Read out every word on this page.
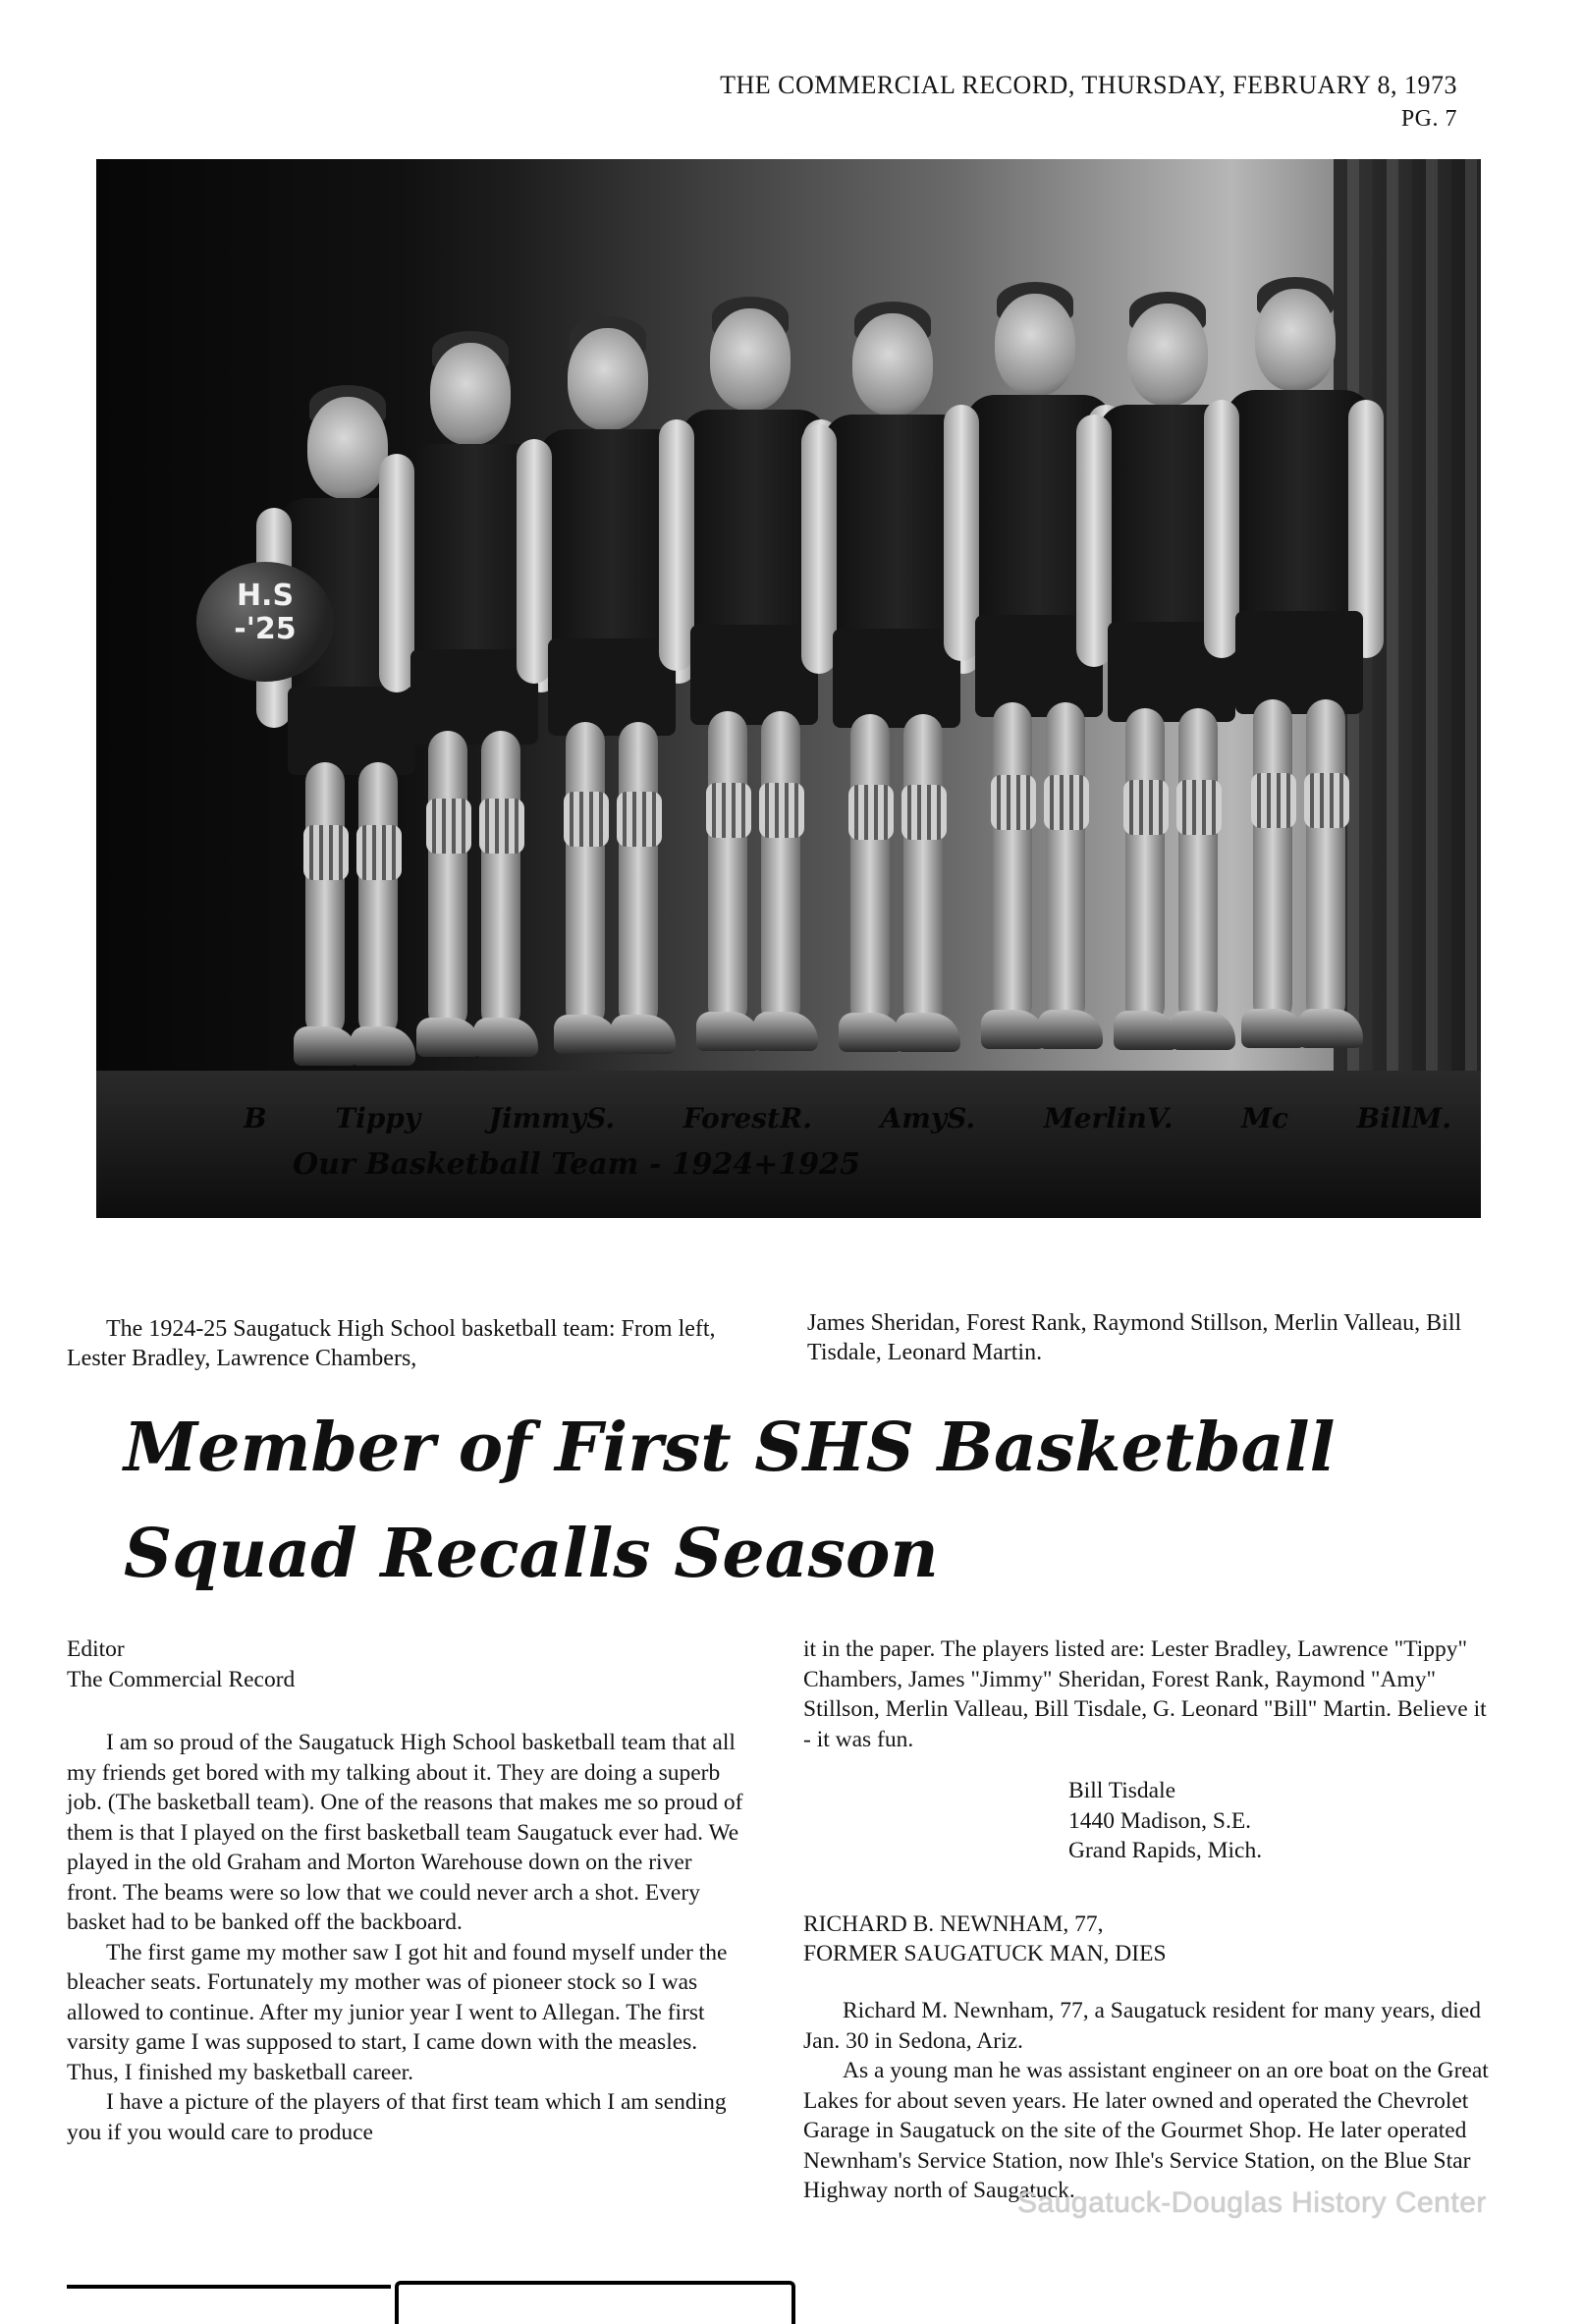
THE COMMERCIAL RECORD, THURSDAY, FEBRUARY 8, 1973
PG. 7
H.S
-'25
B Tippy JimmyS. ForestR. AmyS. MerlinV. Mc BillM.
Our Basketball Team - 1924+1925
The 1924-25 Saugatuck High School basketball team: From left, Lester Bradley, Lawrence Chambers,
James Sheridan, Forest Rank, Raymond Stillson, Merlin Valleau, Bill Tisdale, Leonard Martin.
Member of First SHS Basketball
Squad Recalls Season

Editor

The Commercial Record

I am so proud of the Saugatuck High School basketball team that all my friends get bored with my talking about it. They are doing a superb job. (The basketball team). One of the reasons that makes me so proud of them is that I played on the first basketball team Saugatuck ever had. We played in the old Graham and Morton Warehouse down on the river front. The beams were so low that we could never arch a shot. Every basket had to be banked off the backboard.

The first game my mother saw I got hit and found myself under the bleacher seats. Fortunately my mother was of pioneer stock so I was allowed to continue. After my junior year I went to Allegan. The first varsity game I was supposed to start, I came down with the measles. Thus, I finished my basketball career.

I have a picture of the players of that first team which I am sending you if you would care to produce

it in the paper. The players listed are: Lester Bradley, Lawrence "Tippy" Chambers, James "Jimmy" Sheridan, Forest Rank, Raymond "Amy" Stillson, Merlin Valleau, Bill Tisdale, G. Leonard "Bill" Martin. Believe it - it was fun.

Bill Tisdale

1440 Madison, S.E.

Grand Rapids, Mich.

RICHARD B. NEWNHAM, 77,

FORMER SAUGATUCK MAN, DIES

Richard M. Newnham, 77, a Saugatuck resident for many years, died Jan. 30 in Sedona, Ariz.

As a young man he was assistant engineer on an ore boat on the Great Lakes for about seven years. He later owned and operated the Chevrolet Garage in Saugatuck on the site of the Gourmet Shop. He later operated Newnham's Service Station, now Ihle's Service Station, on the Blue Star Highway north of Saugatuck.

Saugatuck-Douglas History Center
